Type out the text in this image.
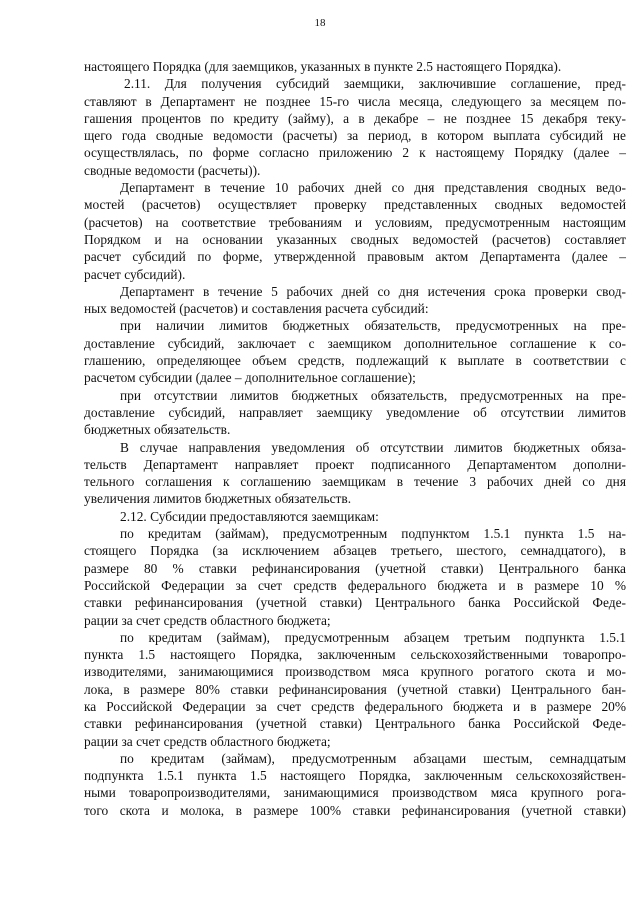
18
настоящего Порядка (для заемщиков, указанных в пункте 2.5 настоящего Порядка).
2.11. Для получения субсидий заемщики, заключившие соглашение, пред-
ставляют в Департамент не позднее 15-го числа месяца, следующего за месяцем по-
гашения процентов по кредиту (займу), а в декабре – не позднее 15 декабря теку-
щего года сводные ведомости (расчеты) за период, в котором выплата субсидий не
осуществлялась, по форме согласно приложению 2 к настоящему Порядку (далее –
сводные ведомости (расчеты)).
Департамент в течение 10 рабочих дней со дня представления сводных ведо-
мостей (расчетов) осуществляет проверку представленных сводных ведомостей
(расчетов) на соответствие требованиям и условиям, предусмотренным настоящим
Порядком и на основании указанных сводных ведомостей (расчетов) составляет
расчет субсидий по форме, утвержденной правовым актом Департамента (далее –
расчет субсидий).
Департамент в течение 5 рабочих дней со дня истечения срока проверки свод-
ных ведомостей (расчетов) и составления расчета субсидий:
при наличии лимитов бюджетных обязательств, предусмотренных на пре-
доставление субсидий, заключает с заемщиком дополнительное соглашение к со-
глашению, определяющее объем средств, подлежащий к выплате в соответствии с
расчетом субсидии (далее – дополнительное соглашение);
при отсутствии лимитов бюджетных обязательств, предусмотренных на пре-
доставление субсидий, направляет заемщику уведомление об отсутствии лимитов
бюджетных обязательств.
В случае направления уведомления об отсутствии лимитов бюджетных обяза-
тельств Департамент направляет проект подписанного Департаментом дополни-
тельного соглашения к соглашению заемщикам в течение 3 рабочих дней со дня
увеличения лимитов бюджетных обязательств.
2.12. Субсидии предоставляются заемщикам:
по кредитам (займам), предусмотренным подпунктом 1.5.1 пункта 1.5 на-
стоящего Порядка (за исключением абзацев третьего, шестого, семнадцатого), в
размере 80 % ставки рефинансирования (учетной ставки) Центрального банка
Российской Федерации за счет средств федерального бюджета и в размере 10 %
ставки рефинансирования (учетной ставки) Центрального банка Российской Феде-
рации за счет средств областного бюджета;
по кредитам (займам), предусмотренным абзацем третьим подпункта 1.5.1
пункта 1.5 настоящего Порядка, заключенным сельскохозяйственными товаропро-
изводителями, занимающимися производством мяса крупного рогатого скота и мо-
лока, в размере 80% ставки рефинансирования (учетной ставки) Центрального бан-
ка Российской Федерации за счет средств федерального бюджета и в размере 20%
ставки рефинансирования (учетной ставки) Центрального банка Российской Феде-
рации за счет средств областного бюджета;
по кредитам (займам), предусмотренным абзацами шестым, семнадцатым
подпункта 1.5.1 пункта 1.5 настоящего Порядка, заключенным сельскохозяйствен-
ными товаропроизводителями, занимающимися производством мяса крупного рога-
того скота и молока, в размере 100% ставки рефинансирования (учетной ставки)
